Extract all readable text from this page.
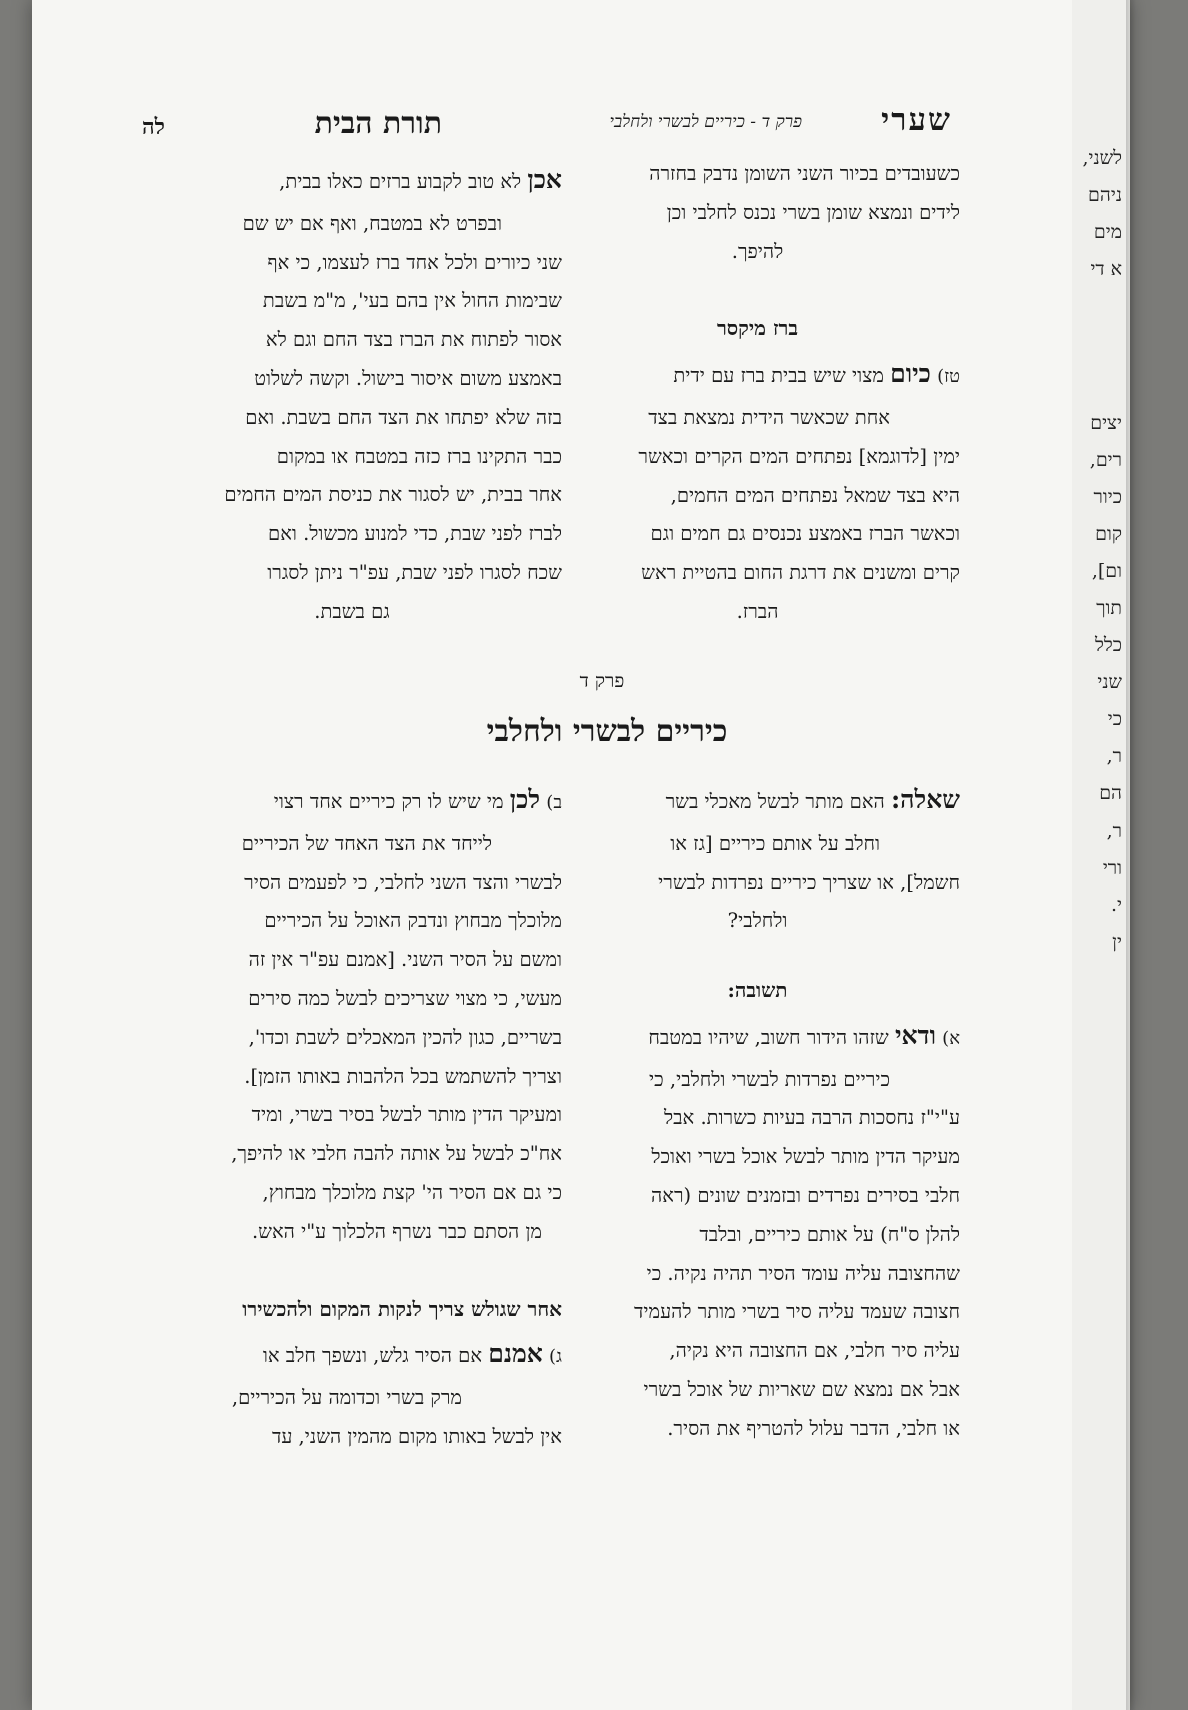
לשני,
ניהם
מים
א די
יצים
רים,
כיור
קום
ום],
תוך
כלל
שני
כי
ר,
הם
ר,
ורי
י.
ין
שערי
פרק ד - כיריים לבשרי ולחלבי
תורת הבית
לה

כשעובדים בכיור השני השומן נדבק בחזרה

לידים ונמצא שומן בשרי נכנס לחלבי וכן

להיפך.

ברז מיקסר

טז) כיום מצוי שיש בבית ברז עם ידית

אחת שכאשר הידית נמצאת בצד

ימין [לדוגמא] נפתחים המים הקרים וכאשר

היא בצד שמאל נפתחים המים החמים,

וכאשר הברז באמצע נכנסים גם חמים וגם

קרים ומשנים את דרגת החום בהטיית ראש

הברז.

אכן לא טוב לקבוע ברזים כאלו בבית,

ובפרט לא במטבח, ואף אם יש שם

שני כיורים ולכל אחד ברז לעצמו, כי אף

שבימות החול אין בהם בעי', מ"מ בשבת

אסור לפתוח את הברז בצד החם וגם לא

באמצע משום איסור בישול. וקשה לשלוט

בזה שלא יפתחו את הצד החם בשבת. ואם

כבר התקינו ברז כזה במטבח או במקום

אחר בבית, יש לסגור את כניסת המים החמים

לברז לפני שבת, כדי למנוע מכשול. ואם

שכח לסגרו לפני שבת, עפ"ר ניתן לסגרו

גם בשבת.

פרק ד
כיריים לבשרי ולחלבי

שאלה: האם מותר לבשל מאכלי בשר

וחלב על אותם כיריים [גז או

חשמל], או שצריך כיריים נפרדות לבשרי

ולחלבי?

תשובה:

א) ודאי שזהו הידור חשוב, שיהיו במטבח

כיריים נפרדות לבשרי ולחלבי, כי

ע"י"ז נחסכות הרבה בעיות כשרות. אבל

מעיקר הדין מותר לבשל אוכל בשרי ואוכל

חלבי בסירים נפרדים ובזמנים שונים (ראה

להלן ס"ח) על אותם כיריים, ובלבד

שהחצובה עליה עומד הסיר תהיה נקיה. כי

חצובה שעמד עליה סיר בשרי מותר להעמיד

עליה סיר חלבי, אם החצובה היא נקיה,

אבל אם נמצא שם שאריות של אוכל בשרי

או חלבי, הדבר עלול להטריף את הסיר.

ב) לכן מי שיש לו רק כיריים אחד רצוי

לייחד את הצד האחד של הכיריים

לבשרי והצד השני לחלבי, כי לפעמים הסיר

מלוכלך מבחוץ ונדבק האוכל על הכיריים

ומשם על הסיר השני. [אמנם עפ"ר אין זה

מעשי, כי מצוי שצריכים לבשל כמה סירים

בשריים, כגון להכין המאכלים לשבת וכדו',

וצריך להשתמש בכל הלהבות באותו הזמן].

ומעיקר הדין מותר לבשל בסיר בשרי, ומיד

אח"כ לבשל על אותה להבה חלבי או להיפך,

כי גם אם הסיר הי' קצת מלוכלך מבחוץ,

מן הסתם כבר נשרף הלכלוך ע"י האש.

אחר שגולש צריך לנקות המקום ולהכשירו

ג) אמנם אם הסיר גלש, ונשפך חלב או

מרק בשרי וכדומה על הכיריים,

אין לבשל באותו מקום מהמין השני, עד
